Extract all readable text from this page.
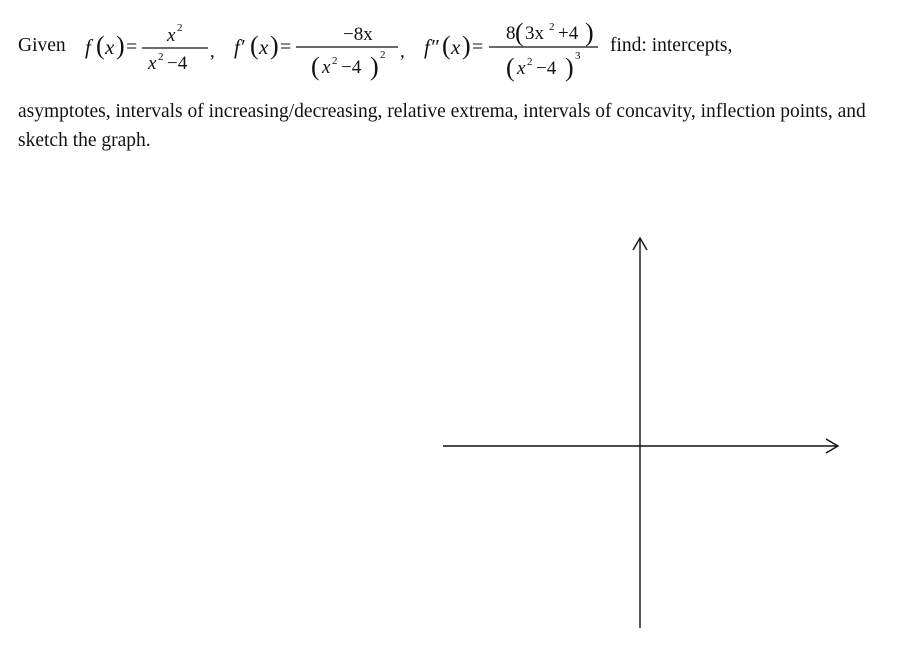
Given f ( x ) =
x 2
x 2 −4
, f′ ( x ) =
−8x
( x 2 −4 ) 2 , f″ ( x ) =
8 ( 3x 2 +4 )
( x 2 −4 ) 3 find: intercepts,
asymptotes, intervals of increasing/decreasing, relative extrema, intervals of concavity, inflection points, and sketch the graph.
